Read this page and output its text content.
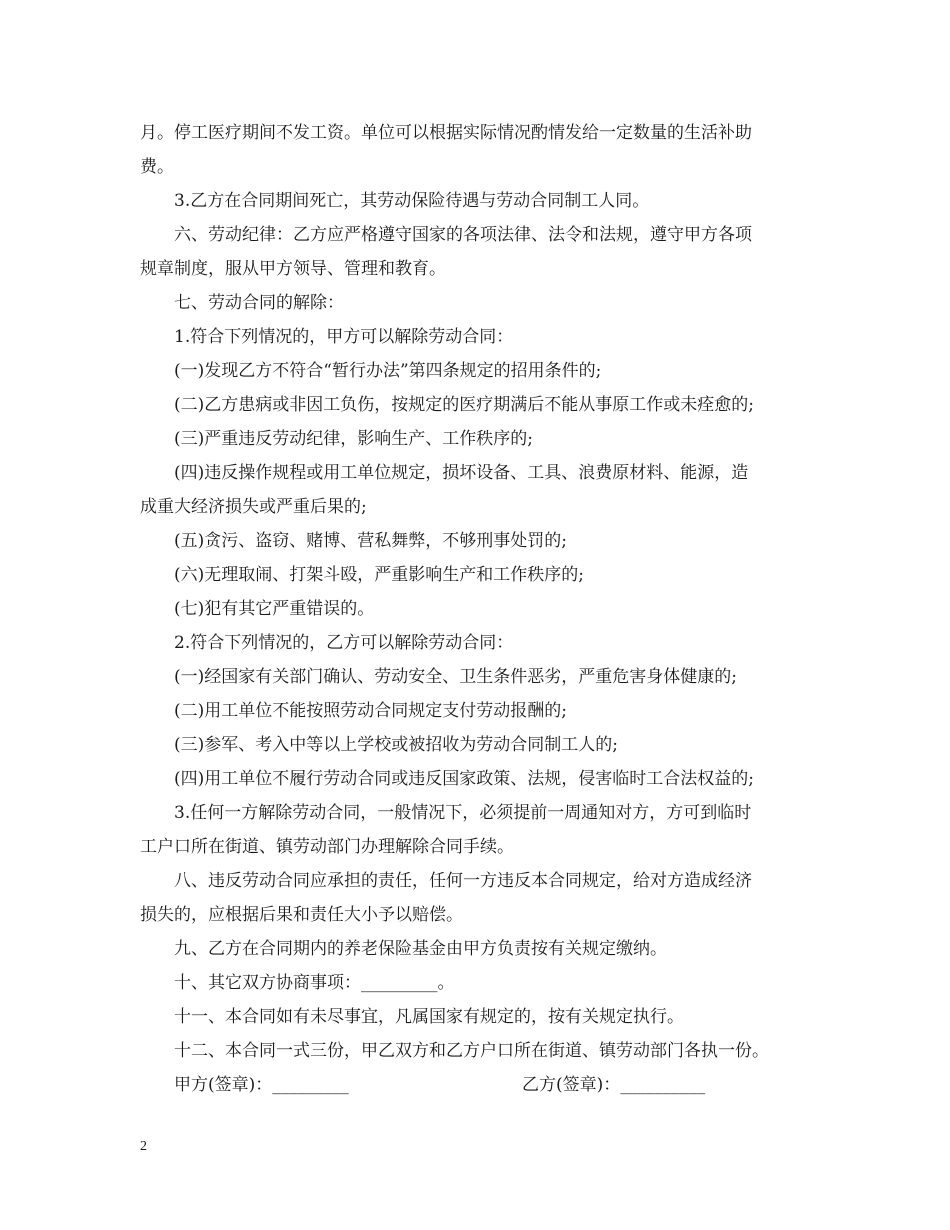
月。停工医疗期间不发工资。单位可以根据实际情况酌情发给一定数量的生活补助
费。
3.乙方在合同期间死亡，其劳动保险待遇与劳动合同制工人同。
六、劳动纪律：乙方应严格遵守国家的各项法律、法令和法规，遵守甲方各项
规章制度，服从甲方领导、管理和教育。
七、劳动合同的解除：
1.符合下列情况的，甲方可以解除劳动合同：
(一)发现乙方不符合“暂行办法”第四条规定的招用条件的;
(二)乙方患病或非因工负伤，按规定的医疗期满后不能从事原工作或未痊愈的;
(三)严重违反劳动纪律，影响生产、工作秩序的;
(四)违反操作规程或用工单位规定，损坏设备、工具、浪费原材料、能源，造
成重大经济损失或严重后果的;
(五)贪污、盗窃、赌博、营私舞弊，不够刑事处罚的;
(六)无理取闹、打架斗殴，严重影响生产和工作秩序的;
(七)犯有其它严重错误的。
2.符合下列情况的，乙方可以解除劳动合同：
(一)经国家有关部门确认、劳动安全、卫生条件恶劣，严重危害身体健康的;
(二)用工单位不能按照劳动合同规定支付劳动报酬的;
(三)参军、考入中等以上学校或被招收为劳动合同制工人的;
(四)用工单位不履行劳动合同或违反国家政策、法规，侵害临时工合法权益的;
3.任何一方解除劳动合同，一般情况下，必须提前一周通知对方，方可到临时
工户口所在街道、镇劳动部门办理解除合同手续。
八、违反劳动合同应承担的责任，任何一方违反本合同规定，给对方造成经济
损失的，应根据后果和责任大小予以赔偿。
九、乙方在合同期内的养老保险基金由甲方负责按有关规定缴纳。
十、其它双方协商事项：_________。
十一、本合同如有未尽事宜，凡属国家有规定的，按有关规定执行。
十二、本合同一式三份，甲乙双方和乙方户口所在街道、镇劳动部门各执一份。
甲方(签章)：_________	乙方(签章)：__________
2
